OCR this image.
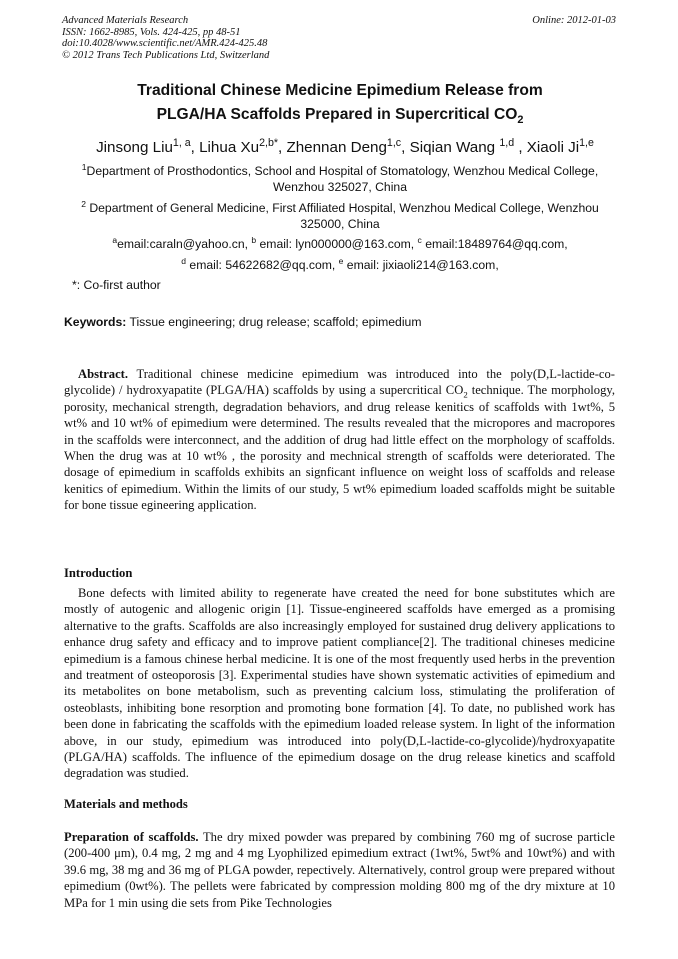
Advanced Materials Research
ISSN: 1662-8985, Vols. 424-425, pp 48-51
doi:10.4028/www.scientific.net/AMR.424-425.48
© 2012 Trans Tech Publications Ltd, Switzerland
Online: 2012-01-03
Traditional Chinese Medicine Epimedium Release from
PLGA/HA Scaffolds Prepared in Supercritical $CO_2$
Jinsong Liu$^{1, a}$, Lihua $Xu^{2,b*}$, Zhennan Deng$^{1,c}$, Siqian Wang $^{1,d}$ , Xiaoli Ji$^{1,e}$
$^1$Department of Prosthodontics, School and Hospital of Stomatology, Wenzhou Medical College,
Wenzhou 325027, China
$^2$ Department of General Medicine, First Affiliated Hospital, Wenzhou Medical College, Wenzhou
325000, China
$^a$email:caraln@yahoo.cn, $^b$ email: lyn000000@163.com, $^c$ email:18489764@qq.com,
$^d$ email: 54622682@qq.com, $^e$ email: jixiaoli214@163.com,
*: Co-first author
Keywords: Tissue engineering; drug release; scaffold; epimedium

Abstract. Traditional chinese medicine epimedium was introduced into the poly(D,L-lactide-co-glycolide) / hydroxyapatite (PLGA/HA) scaffolds by using a supercritical $CO_2$ technique. The morphology, porosity, mechanical strength, degradation behaviors, and drug release kenitics of scaffolds with 1wt%, 5 wt% and 10 wt% of epimedium were determined. The results revealed that the micropores and macropores in the scaffolds were interconnect, and the addition of drug had little effect on the morphology of scaffolds. When the drug was at 10 wt% , the porosity and mechnical strength of scaffolds were deteriorated. The dosage of epimedium in scaffolds exhibits an signficant influence on weight loss of scaffolds and release kenitics of epimedium. Within the limits of our study, 5 wt% epimedium loaded scaffolds might be suitable for bone tissue egineering application.

Introduction

Bone defects with limited ability to regenerate have created the need for bone substitutes which are mostly of autogenic and allogenic origin [1]. Tissue-engineered scaffolds have emerged as a promising alternative to the grafts. Scaffolds are also increasingly employed for sustained drug delivery applications to enhance drug safety and efficacy and to improve patient compliance[2]. The traditional chineses medicine epimedium is a famous chinese herbal medicine. It is one of the most frequently used herbs in the prevention and treatment of osteoporosis [3]. Experimental studies have shown systematic activities of epimedium and its metabolites on bone metabolism, such as preventing calcium loss, stimulating the proliferation of osteoblasts, inhibiting bone resorption and promoting bone formation [4]. To date, no published work has been done in fabricating the scaffolds with the epimedium loaded release system. In light of the information above, in our study, epimedium was introduced into poly(D,L-lactide-co-glycolide)/hydroxyapatite (PLGA/HA) scaffolds. The influence of the epimedium dosage on the drug release kinetics and scaffold degradation was studied.

Materials and methods

Preparation of scaffolds. The dry mixed powder was prepared by combining 760 mg of sucrose particle (200-400 μm), 0.4 mg, 2 mg and 4 mg Lyophilized epimedium extract (1wt%, 5wt% and 10wt%) and with 39.6 mg, 38 mg and 36 mg of PLGA powder, repectively. Alternatively, control group were prepared without epimedium (0wt%). The pellets were fabricated by compression molding 800 mg of the dry mixture at 10 MPa for 1 min using die sets from Pike Technologies
